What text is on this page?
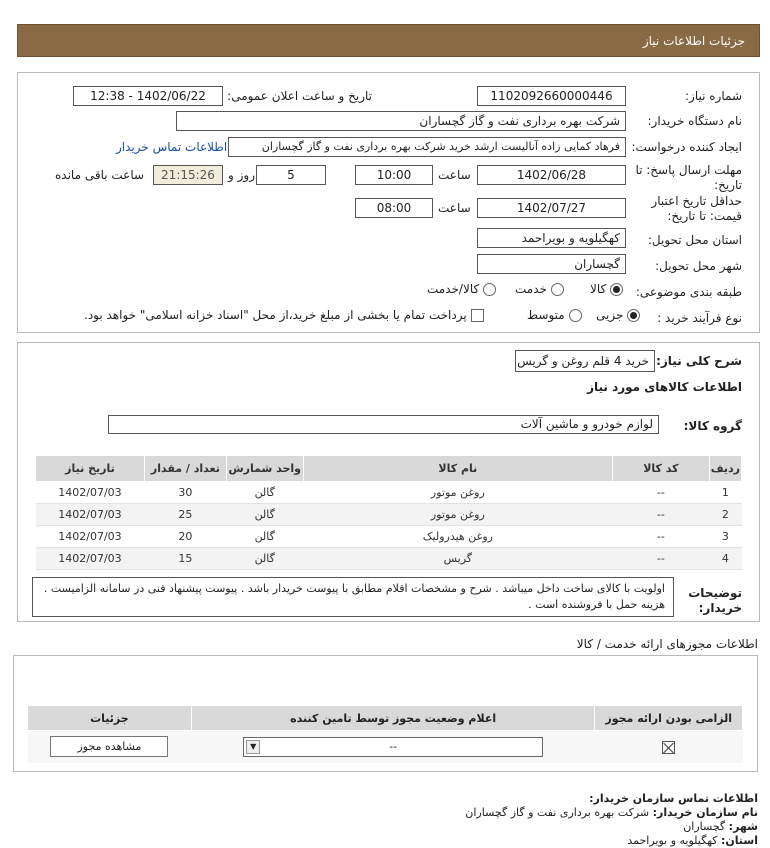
جزئیات اطلاعات نیاز
شماره نیاز:
1102092660000446
تاریخ و ساعت اعلان عمومی:
1402/06/22 - 12:38
نام دستگاه خریدار:
شرکت بهره برداری نفت و گاز گچساران
ایجاد کننده درخواست:
فرهاد کمایی زاده آنالیست ارشد خرید شرکت بهره برداری نفت و گاز گچساران
اطلاعات تماس خریدار
مهلت ارسال پاسخ: تا
تاریخ:
1402/06/28
ساعت
10:00
5
روز و
21:15:26
ساعت باقی مانده
حداقل تاریخ اعتبار
قیمت: تا تاریخ:
1402/07/27
ساعت
08:00
استان محل تحویل:
کهگیلویه و بویراحمد
شهر محل تحویل:
گچساران
طبقه بندی موضوعی:
کالا
خدمت
کالا/خدمت
نوع فرآیند خرید :
جزیی
متوسط
پرداخت تمام یا بخشی از مبلغ خرید،از محل "اسناد خزانه اسلامی" خواهد بود.
شرح کلی نیاز:
خرید 4 قلم روغن و گریس
اطلاعات کالاهای مورد نیاز
گروه کالا:
لوازم خودرو و ماشین آلات
ردیف	کد کالا	نام کالا	واحد شمارش	تعداد / مقدار	تاریخ نیاز
1	--	روغن موتور	گالن	30	1402/07/03
2	--	روغن موتور	گالن	25	1402/07/03
3	--	روغن هیدرولیک	گالن	20	1402/07/03
4	--	گریس	گالن	15	1402/07/03
توضیحات
خریدار:
اولویت با کالای ساخت داخل میباشد . شرح و مشخصات اقلام مطابق با پیوست خریدار باشد . پیوست پیشنهاد فنی در سامانه الزامیست . هزینه حمل با فروشنده است .
اطلاعات مجوزهای ارائه خدمت / کالا
الزامی بودن ارائه مجوز	اعلام وضعیت مجوز توسط تامین کننده	جزئیات

	▼ --	مشاهده مجوز
اطلاعات تماس سازمان خریدار:
نام سازمان خریدار: شرکت بهره برداری نفت و گاز گچساران
شهر: گچساران
استان: کهگیلویه و بویراحمد
